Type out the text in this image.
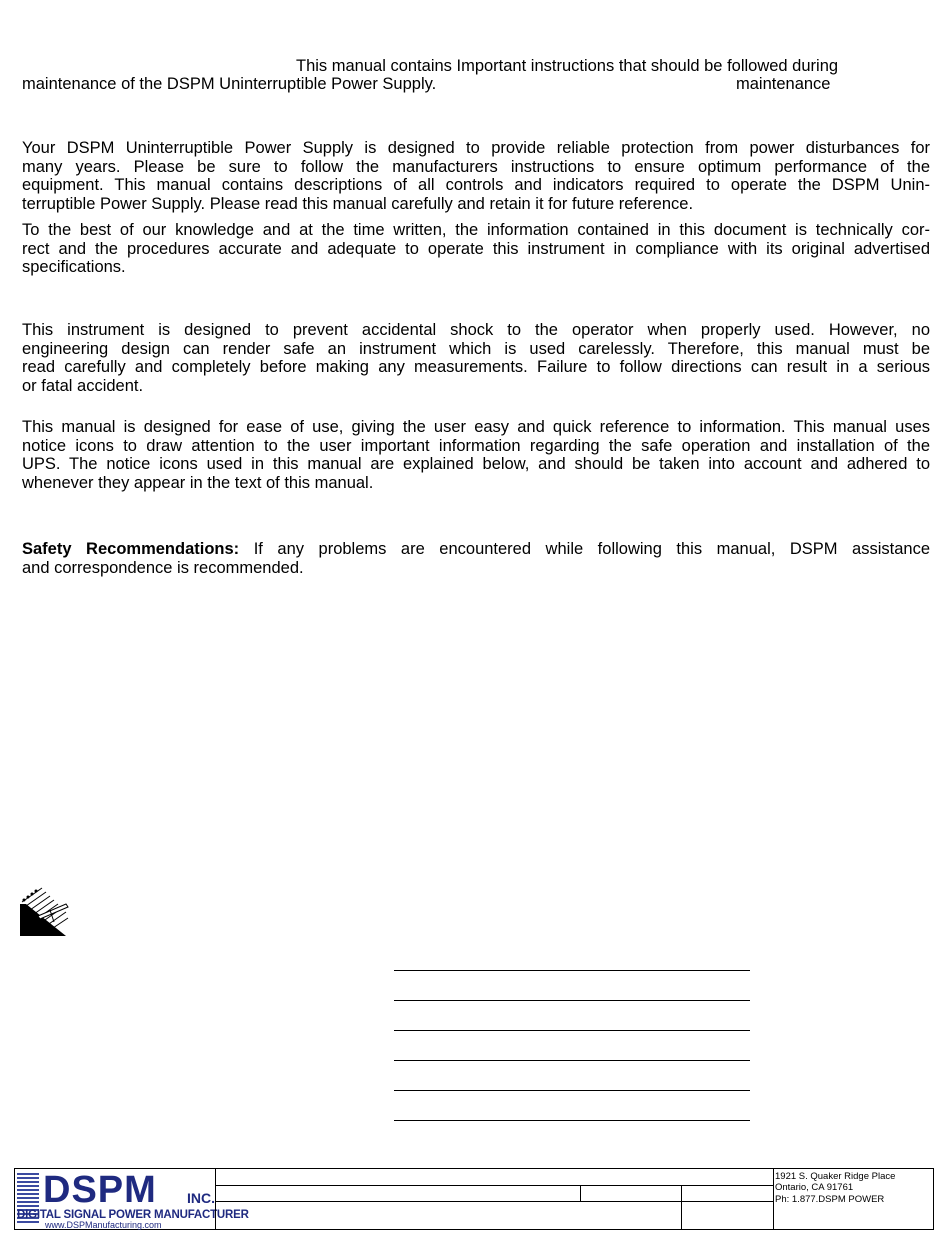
This manual contains Important instructions that should be followed during
maintenance of the DSPM Uninterruptible Power Supply.	maintenance
Your DSPM Uninterruptible Power Supply is designed to provide reliable protection from power disturbances for
many years. Please be sure to follow the manufacturers instructions to ensure optimum performance of the
equipment. This manual contains descriptions of all controls and indicators required to operate the DSPM Unin-
terruptible Power Supply. Please read this manual carefully and retain it for future reference.
To the best of our knowledge and at the time written, the information contained in this document is technically cor-
rect and the procedures accurate and adequate to operate this instrument in compliance with its original advertised
specifications.
This instrument is designed to prevent accidental shock to the operator when properly used. However, no
engineering design can render safe an instrument which is used carelessly. Therefore, this manual must be
read carefully and completely before making any measurements. Failure to follow directions can result in a serious
or fatal accident.
This manual is designed for ease of use, giving the user easy and quick reference to information. This manual uses
notice icons to draw attention to the user important information regarding the safe operation and installation of the
UPS. The notice icons used in this manual are explained below, and should be taken into account and adhered to
whenever they appear in the text of this manual.
Safety Recommendations: If any problems are encountered while following this manual, DSPM assistance
and correspondence is recommended.
DSPM INC.
DIGITAL SIGNAL POWER MANUFACTURER
www.DSPManufacturing.com
1921 S. Quaker Ridge Place
Ontario, CA 91761
Ph: 1.877.DSPM POWER
